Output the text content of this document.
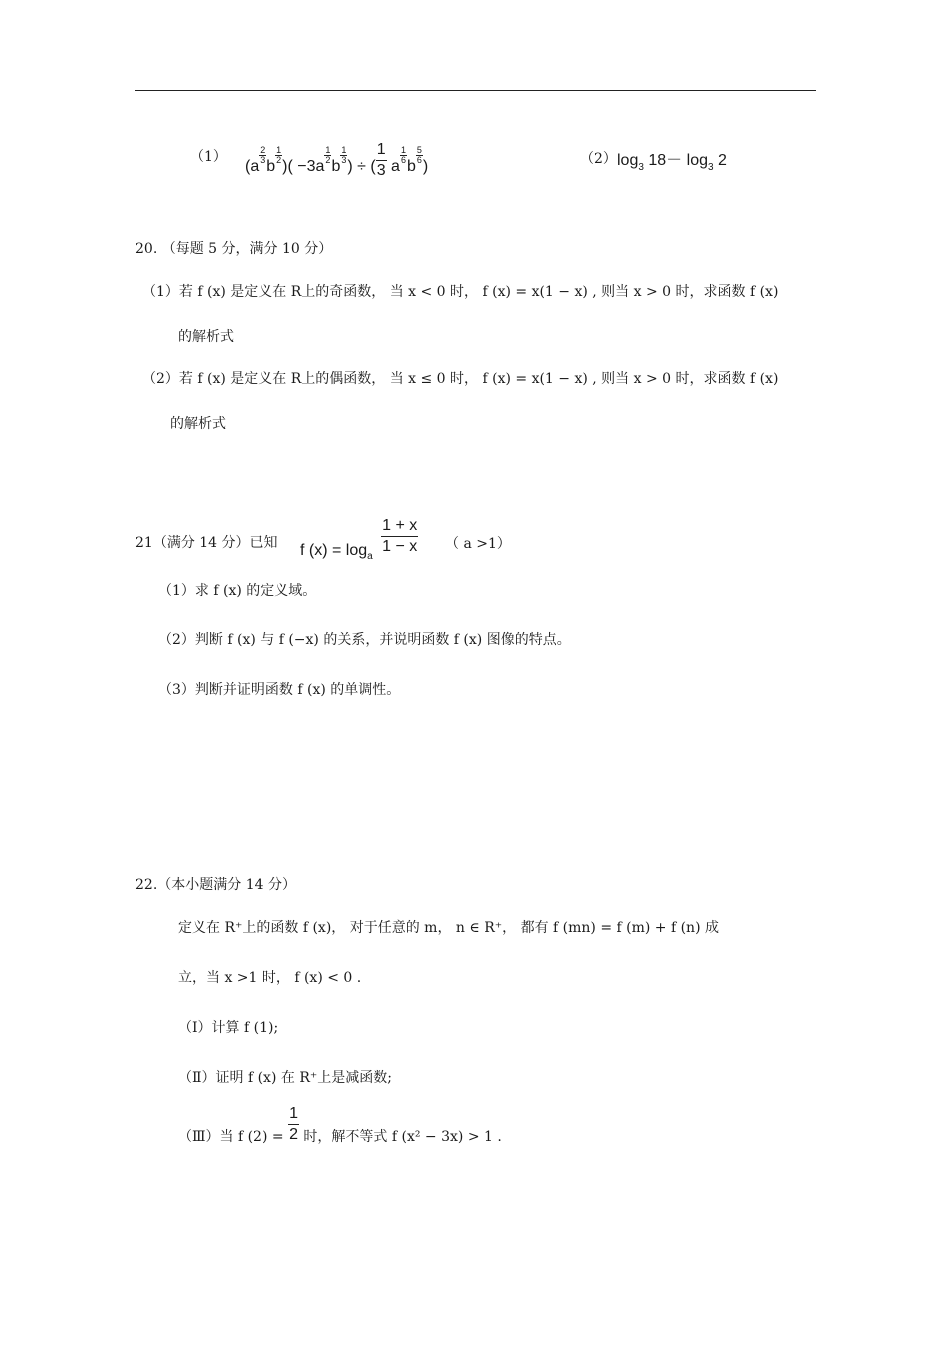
（1）
(a
$\frac{2}{3}$
b
$\frac{1}{2}$
)( −3a
$\frac{1}{2}$
b
$\frac{1}{3}$
) ÷ ( $\frac{1}{3}$ a
$\frac{1}{6}$
b
$\frac{5}{6}$
)	（2） $\log_3 18- \log_3 2$
20. （每题 5 分，满分 10 分）
（1）若 f (x) 是定义在 R上的奇函数， 当 x < 0 时， f (x) = x(1 − x) , 则当 x > 0 时，求函数 f (x)
的解析式
（2）若 f (x) 是定义在 R上的偶函数， 当 x ≤ 0 时， f (x) = x(1 − x) , 则当 x > 0 时，求函数 f (x)
的解析式
21（满分 14 分）已知 f $(x) = \log_a$
$\frac{1 + x}{1 - x}$ （ a >1）
（1）求 f (x) 的定义域。
（2）判断 f (x) 与 f (−x) 的关系，并说明函数 f (x) 图像的特点。
（3）判断并证明函数 f (x) 的单调性。
22.（本小题满分 14 分）
定义在 R⁺上的函数 f (x)， 对于任意的 m， n ∈ R⁺， 都有 f (mn) = f (m) + f (n) 成
立，当 x >1 时， f (x) < 0 .
（Ⅰ）计算 f (1);
（Ⅱ）证明 f (x) 在 R⁺上是减函数;
（Ⅲ）当 f $(2) = \frac{1}{2}$ 时，解不等式 f (x² − 3x) > 1 .
